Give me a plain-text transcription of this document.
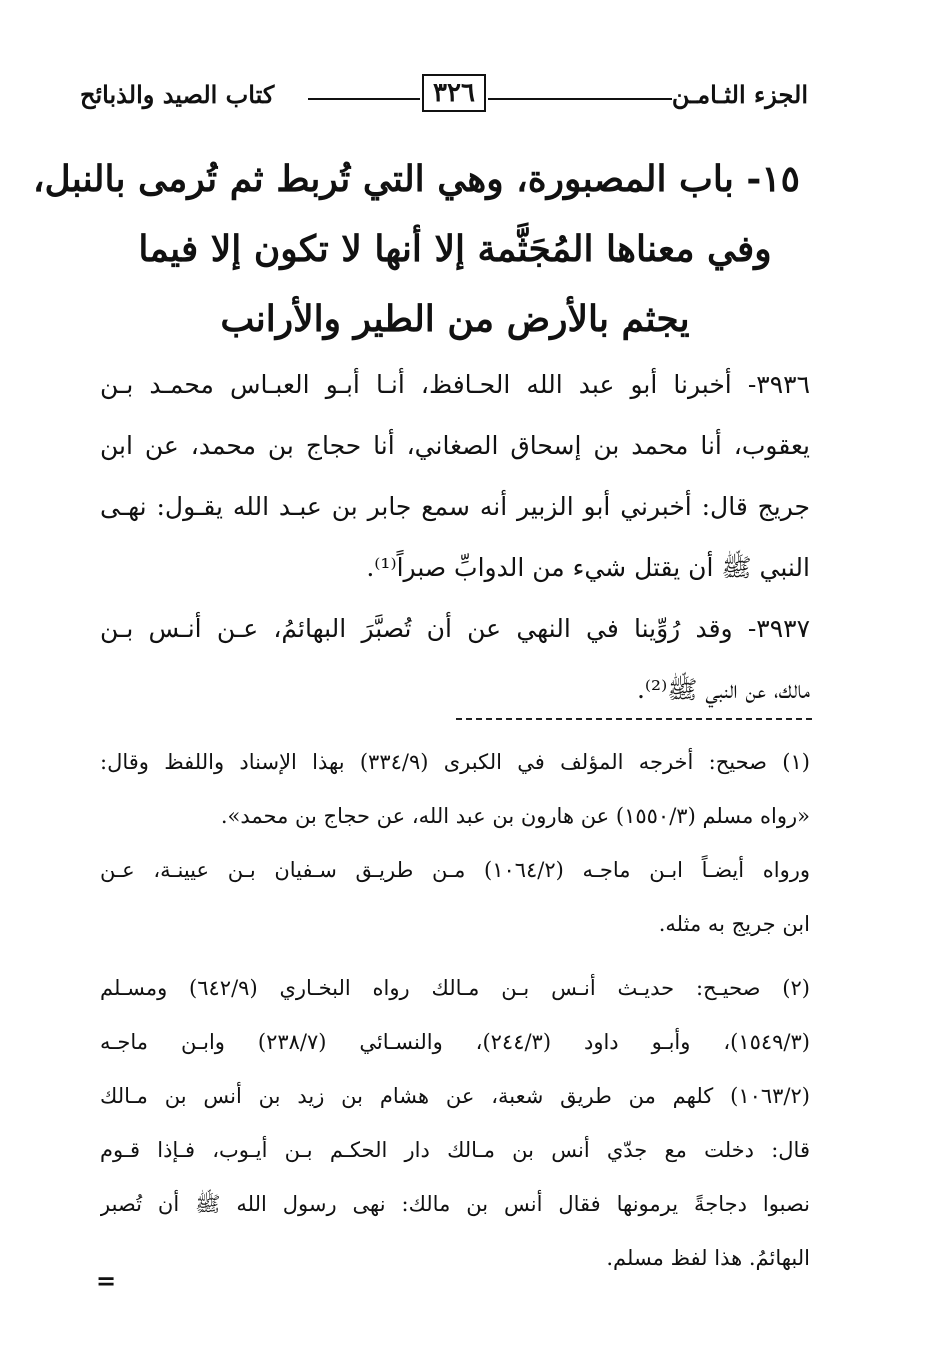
الجزء الثـامـن
٣٢٦
كتاب الصيد والذبائح
١٥- باب المصبورة، وهي التي تُربط ثم تُرمى بالنبل،
وفي معناها المُجَثَّمة إلا أنها لا تكون إلا فيما
يجثم بالأرض من الطير والأرانب
٣٩٣٦- أخبرنا أبو عبد الله الحـافظ، أنـا أبـو العبـاس محمـد بـن
يعقوب، أنا محمد بن إسحاق الصغاني، أنا حجاج بن محمد، عن ابن
جريج قال: أخبرني أبو الزبير أنه سمع جابر بن عبـد الله يقـول: نهـى
النبي ﷺ أن يقتل شيء من الدوابِّ صبراً⁽¹⁾.
٣٩٣٧- وقد رُوِّينا في النهي عن أن تُصبَّرَ البهائمُ، عـن أنـس بـن
مالك، عن النبي ﷺ⁽²⁾.
(١) صحيح: أخرجه المؤلف في الكبرى (٣٣٤/٩) بهذا الإسناد واللفظ وقال:
«رواه مسلم (١٥٥٠/٣) عن هارون بن عبد الله، عن حجاج بن محمد».
ورواه أيضـاً ابـن ماجـه (١٠٦٤/٢) مـن طريـق سـفيان بـن عيينـة، عـن
ابن جريج به مثله.
(٢) صحيـح: حديـث أنـس بـن مـالك رواه البخـاري (٦٤٢/٩) ومسـلم
(١٥٤٩/٣)، وأبـو داود (٢٤٤/٣)، والنسـائي (٢٣٨/٧) وابـن ماجـه
(١٠٦٣/٢) كلهم من طريق شعبة، عن هشام بن زيد بن أنس بن مـالك
قال: دخلت مع جدّي أنس بن مـالك دار الحكـم بـن أيـوب، فـإذا قـوم
نصبوا دجاجةً يرمونها فقال أنس بن مالك: نهى رسول الله ﷺ أن تُصبر
البهائمُ. هذا لفظ مسلم.
=
